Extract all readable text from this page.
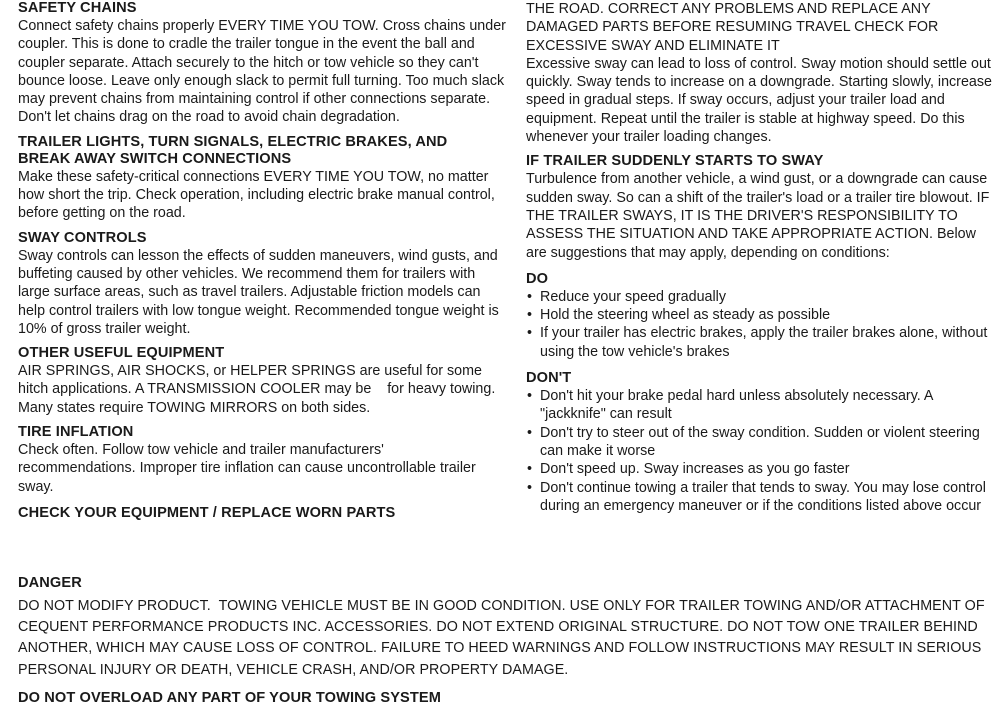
SAFETY CHAINS

Connect safety chains properly EVERY TIME YOU TOW. Cross chains under coupler. This is done to cradle the trailer tongue in the event the ball and coupler separate. Attach securely to the hitch or tow vehicle so they can't bounce loose. Leave only enough slack to permit full turning. Too much slack may prevent chains from maintaining control if other connections separate. Don't let chains drag on the road to avoid chain degradation.

TRAILER LIGHTS, TURN SIGNALS, ELECTRIC BRAKES, AND BREAK AWAY SWITCH CONNECTIONS

Make these safety-critical connections EVERY TIME YOU TOW, no matter how short the trip. Check operation, including electric brake manual control, before getting on the road.

SWAY CONTROLS

Sway controls can lesson the effects of sudden maneuvers, wind gusts, and buffeting caused by other vehicles. We recommend them for trailers with large surface areas, such as travel trailers. Adjustable friction models can help control trailers with low tongue weight. Recommended tongue weight is 10% of gross trailer weight.

OTHER USEFUL EQUIPMENT

AIR SPRINGS, AIR SHOCKS, or HELPER SPRINGS are useful for some hitch applications. A TRANSMISSION COOLER may be    for heavy towing. Many states require TOWING MIRRORS on both sides.

TIRE INFLATION

Check often. Follow tow vehicle and trailer manufacturers' recommendations. Improper tire inflation can cause uncontrollable trailer sway.

CHECK YOUR EQUIPMENT / REPLACE WORN PARTS

THE ROAD. CORRECT ANY PROBLEMS AND REPLACE ANY DAMAGED PARTS BEFORE RESUMING TRAVEL CHECK FOR EXCESSIVE SWAY AND ELIMINATE IT

Excessive sway can lead to loss of control. Sway motion should settle out quickly. Sway tends to increase on a downgrade. Starting slowly, increase speed in gradual steps. If sway occurs, adjust your trailer load and equipment. Repeat until the trailer is stable at highway speed. Do this whenever your trailer loading changes.

IF TRAILER SUDDENLY STARTS TO SWAY

Turbulence from another vehicle, a wind gust, or a downgrade can cause sudden sway. So can a shift of the trailer's load or a trailer tire blowout. IF THE TRAILER SWAYS, IT IS THE DRIVER'S RESPONSIBILITY TO ASSESS THE SITUATION AND TAKE APPROPRIATE ACTION. Below are suggestions that may apply, depending on conditions:

DO
• Reduce your speed gradually
• Hold the steering wheel as steady as possible
• If your trailer has electric brakes, apply the trailer brakes alone, without using the tow vehicle's brakes
DON'T
• Don't hit your brake pedal hard unless absolutely necessary. A "jackknife" can result
• Don't try to steer out of the sway condition. Sudden or violent steering can make it worse
• Don't speed up. Sway increases as you go faster
• Don't continue towing a trailer that tends to sway. You may lose control during an emergency maneuver or if the conditions listed above occur
DANGER

DO NOT MODIFY PRODUCT.  TOWING VEHICLE MUST BE IN GOOD CONDITION. USE ONLY FOR TRAILER TOWING AND/OR ATTACHMENT OF CEQUENT PERFORMANCE PRODUCTS INC. ACCESSORIES. DO NOT EXTEND ORIGINAL STRUCTURE. DO NOT TOW ONE TRAILER BEHIND ANOTHER, WHICH MAY CAUSE LOSS OF CONTROL. FAILURE TO HEED WARNINGS AND FOLLOW INSTRUCTIONS MAY RESULT IN SERIOUS PERSONAL INJURY OR DEATH, VEHICLE CRASH, AND/OR PROPERTY DAMAGE.

DO NOT OVERLOAD ANY PART OF YOUR TOWING SYSTEM
